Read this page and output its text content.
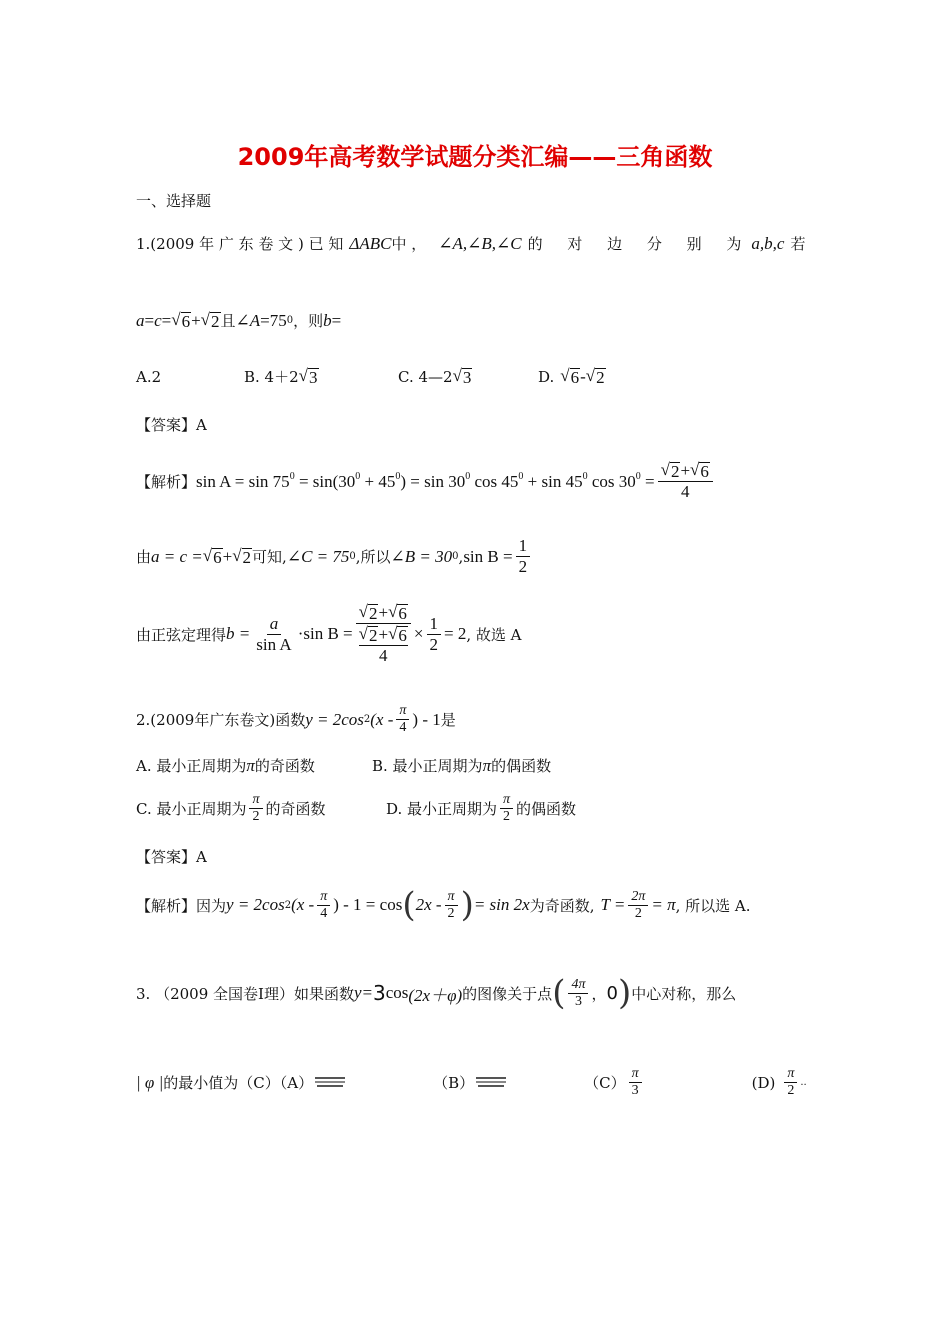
2009年高考数学试题分类汇编——三角函数
一、选择题
1.(2009 年 广 东 卷 文 ) 已 知 ΔABC 中 ， ∠A,∠B,∠C 的 对 边 分 别 为 a,b,c 若
a = c = √ 6 + √ 2 且 ∠A = 75 0 ，则 b =
A.2	B. 4＋2 √ 3	C. 4—2 √ 3	D. √ 6 - √ 2
【答案】A
【解析】 $\sin A = \sin 75^0 = \sin(30^0 + 45^0) = \sin 30^0$ $\cos 45^0 + \sin 45^0$ $\cos 30^0 = \frac{√ 2 + √ 6}{4}$
由 a = c = √ 6 + √ 2 可知, ∠C = 75 0 ,所以 ∠B = 30 0 , $\sin B = \frac{1}{2}$
由正弦定理得 $b = \frac{a}{\text{sin A}} \cdot\sin$ B = √ 2 + √ 6
√ 2 + √ 6
$4 \times \frac{1}{2} = 2$ , 故选 A
2.(2009年广东卷文)函数 y = 2cos 2 ($x - \frac{\pi}{4}$ ) - 1 是
A. 最小正周期为 π 的奇函数	B. 最小正周期为 π 的偶函数
C. 最小正周期为 $\frac{\pi}{2}$ 的奇函数	D. 最小正周期为 $\frac{\pi}{2}$ 的偶函数
【答案】A
【解析】 因为 y = 2cos 2 ($x - \frac{\pi}{4}$ ) - 1 = cos ( $2x - \frac{\pi}{2}$ ) = sin 2x 为奇函数, $T = \frac{2\pi}{2} = \pi$ , 所以选 A.
3. （2009 全国卷Ⅰ理）如果函数 y= 3 cos (2x＋φ) 的图像关于点 ( $\frac{4\pi}{3}$ ， 0 ) 中心对称，那么
| φ | 的最小值为（C）（A）	（B）	$(C) \frac{\pi}{3}$	$(D) \frac{\pi}{2}$ ..
